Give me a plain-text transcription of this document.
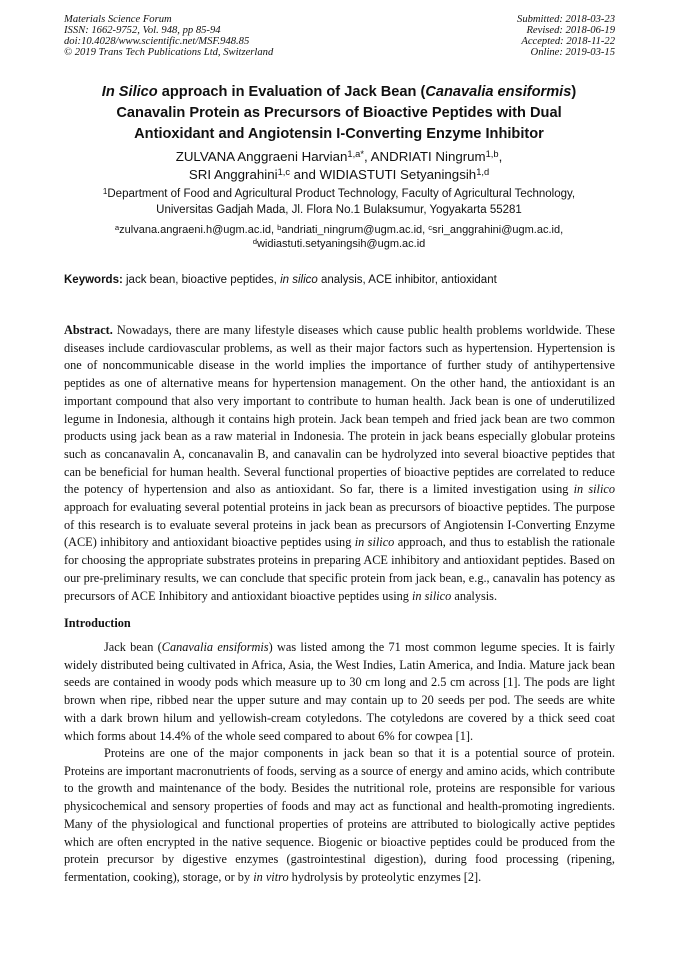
Materials Science Forum
ISSN: 1662-9752, Vol. 948, pp 85-94
doi:10.4028/www.scientific.net/MSF.948.85
© 2019 Trans Tech Publications Ltd, Switzerland
Submitted: 2018-03-23
Revised: 2018-06-19
Accepted: 2018-11-22
Online: 2019-03-15
In Silico approach in Evaluation of Jack Bean (Canavalia ensiformis)
Canavalin Protein as Precursors of Bioactive Peptides with Dual
Antioxidant and Angiotensin I-Converting Enzyme Inhibitor
ZULVANA Anggraeni Harvian$^{1,a*}$, ANDRIATI Ningrum$^{1,b}$,
SRI Anggrahini$^{1,c}$ and WIDIASTUTI Setyaningsih$^{1,d}$
$^1$Department of Food and Agricultural Product Technology, Faculty of Agricultural Technology,
Universitas Gadjah Mada, Jl. Flora No.1 Bulaksumur, Yogyakarta 55281
$^a$zulvana.angraeni.h@ugm.ac.id, $^b$andriati_ningrum@ugm.ac.id, $^c$sri_anggrahini@ugm.ac.id,
$^d$widiastuti.setyaningsih@ugm.ac.id
Keywords: jack bean, bioactive peptides, in silico analysis, ACE inhibitor, antioxidant

Abstract. Nowadays, there are many lifestyle diseases which cause public health problems worldwide. These diseases include cardiovascular problems, as well as their major factors such as hypertension. Hypertension is one of noncommunicable disease in the world implies the importance of further study of antihypertensive peptides as one of alternative means for hypertension management. On the other hand, the antioxidant is an important compound that also very important to contribute to human health. Jack bean is one of underutilized legume in Indonesia, although it contains high protein. Jack bean tempeh and fried jack bean are two common products using jack bean as a raw material in Indonesia. The protein in jack beans especially globular proteins such as concanavalin A, concanavalin B, and canavalin can be hydrolyzed into several bioactive peptides that can be beneficial for human health. Several functional properties of bioactive peptides are correlated to reduce the potency of hypertension and also as antioxidant. So far, there is a limited investigation using in silico approach for evaluating several potential proteins in jack bean as precursors of bioactive peptides. The purpose of this research is to evaluate several proteins in jack bean as precursors of Angiotensin I-Converting Enzyme (ACE) inhibitory and antioxidant bioactive peptides using in silico approach, and thus to establish the rationale for choosing the appropriate substrates proteins in preparing ACE inhibitory and antioxidant peptides. Based on our pre-preliminary results, we can conclude that specific protein from jack bean, e.g., canavalin has potency as precursors of ACE Inhibitory and antioxidant bioactive peptides using in silico analysis.

Introduction

Jack bean (Canavalia ensiformis) was listed among the 71 most common legume species. It is fairly widely distributed being cultivated in Africa, Asia, the West Indies, Latin America, and India. Mature jack bean seeds are contained in woody pods which measure up to 30 cm long and 2.5 cm across [1]. The pods are light brown when ripe, ribbed near the upper suture and may contain up to 20 seeds per pod. The seeds are white with a dark brown hilum and yellowish-cream cotyledons. The cotyledons are covered by a thick seed coat which forms about 14.4% of the whole seed compared to about 6% for cowpea [1].

Proteins are one of the major components in jack bean so that it is a potential source of protein. Proteins are important macronutrients of foods, serving as a source of energy and amino acids, which contribute to the growth and maintenance of the body. Besides the nutritional role, proteins are responsible for various physicochemical and sensory properties of foods and may act as functional and health-promoting ingredients. Many of the physiological and functional properties of proteins are attributed to biologically active peptides which are often encrypted in the native sequence. Biogenic or bioactive peptides could be produced from the protein precursor by digestive enzymes (gastrointestinal digestion), during food processing (ripening, fermentation, cooking), storage, or by in vitro hydrolysis by proteolytic enzymes [2].
